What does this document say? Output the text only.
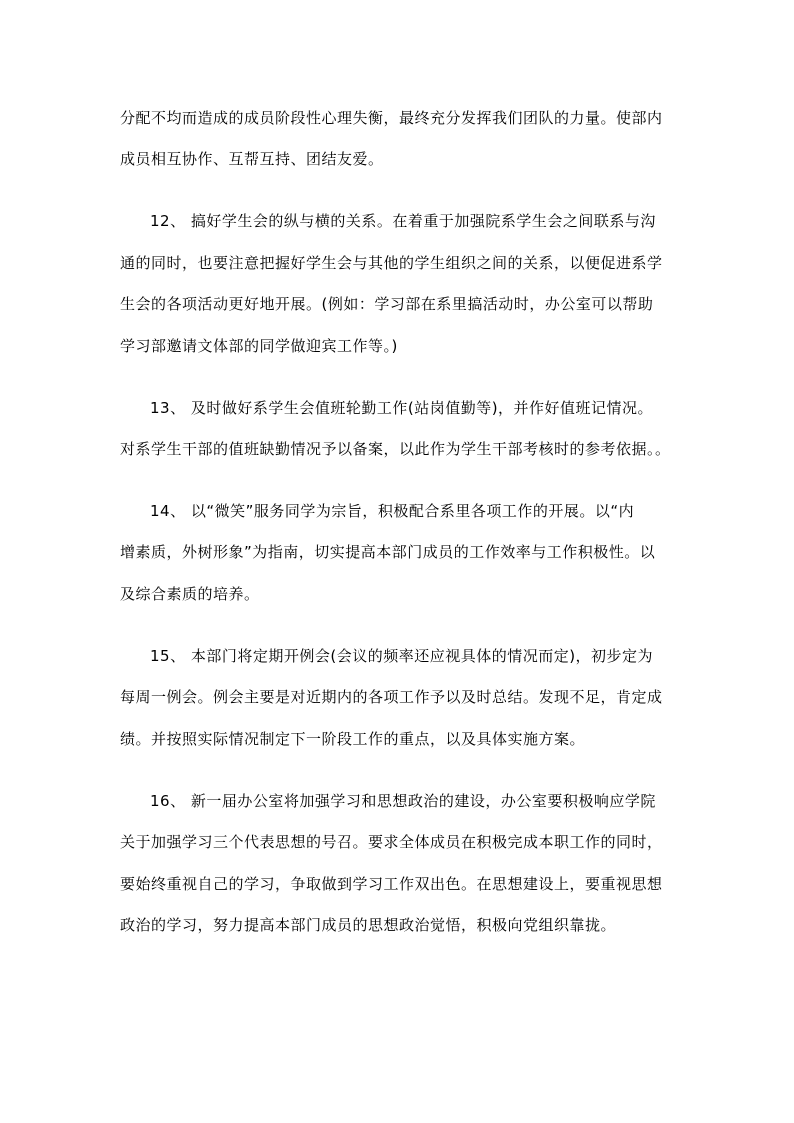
分配不均而造成的成员阶段性心理失衡，最终充分发挥我们团队的力量。使部内
成员相互协作、互帮互持、团结友爱。
12、 搞好学生会的纵与横的关系。在着重于加强院系学生会之间联系与沟
通的同时，也要注意把握好学生会与其他的学生组织之间的关系，以便促进系学
生会的各项活动更好地开展。(例如：学习部在系里搞活动时，办公室可以帮助
学习部邀请文体部的同学做迎宾工作等。)
13、 及时做好系学生会值班轮勤工作(站岗值勤等)，并作好值班记情况。
对系学生干部的值班缺勤情况予以备案，以此作为学生干部考核时的参考依据。。
14、 以“微笑”服务同学为宗旨，积极配合系里各项工作的开展。以“内
增素质，外树形象”为指南，切实提高本部门成员的工作效率与工作积极性。以
及综合素质的培养。
15、 本部门将定期开例会(会议的频率还应视具体的情况而定)，初步定为
每周一例会。例会主要是对近期内的各项工作予以及时总结。发现不足，肯定成
绩。并按照实际情况制定下一阶段工作的重点，以及具体实施方案。
16、 新一届办公室将加强学习和思想政治的建设，办公室要积极响应学院
关于加强学习三个代表思想的号召。要求全体成员在积极完成本职工作的同时，
要始终重视自己的学习，争取做到学习工作双出色。在思想建设上，要重视思想
政治的学习，努力提高本部门成员的思想政治觉悟，积极向党组织靠拢。
